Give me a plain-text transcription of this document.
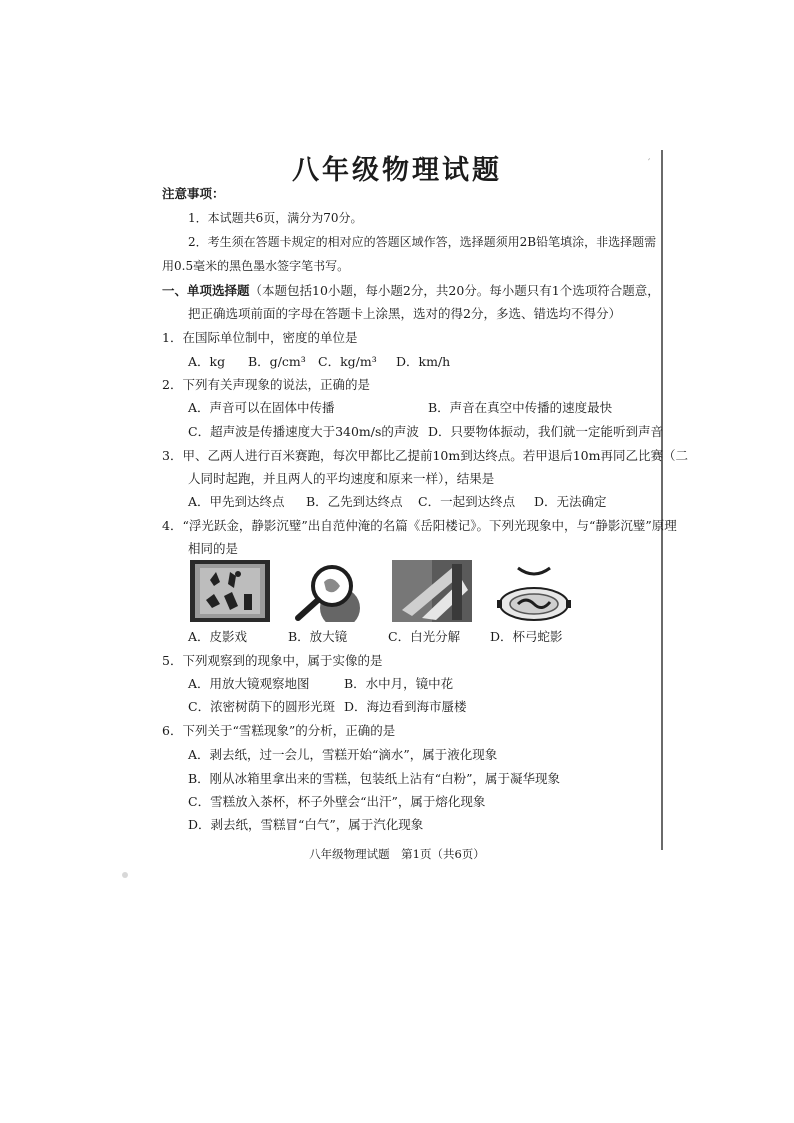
′
八年级物理试题
注意事项：
1．本试题共6页，满分为70分。
2．考生须在答题卡规定的相对应的答题区域作答，选择题须用2B铅笔填涂，非选择题需
用0.5毫米的黑色墨水签字笔书写。
一、单项选择题（本题包括10小题，每小题2分，共20分。每小题只有1个选项符合题意，
把正确选项前面的字母在答题卡上涂黑，选对的得2分，多选、错选均不得分）
1．在国际单位制中，密度的单位是
A．kg B．g/cm³ C．kg/m³ D．km/h
2．下列有关声现象的说法，正确的是
A．声音可以在固体中传播	B．声音在真空中传播的速度最快
C．超声波是传播速度大于340m/s的声波 D．只要物体振动，我们就一定能听到声音
3．甲、乙两人进行百米赛跑，每次甲都比乙提前10m到达终点。若甲退后10m再同乙比赛（二
人同时起跑，并且两人的平均速度和原来一样），结果是
A．甲先到达终点 B．乙先到达终点 C．一起到达终点 D．无法确定
4．“浮光跃金，静影沉璧”出自范仲淹的名篇《岳阳楼记》。下列光现象中，与“静影沉璧”原理
相同的是
A．皮影戏	B．放大镜	C．白光分解 D．杯弓蛇影
5．下列观察到的现象中，属于实像的是
A．用放大镜观察地图	B．水中月，镜中花
C．浓密树荫下的圆形光斑 D．海边看到海市蜃楼
6．下列关于“雪糕现象”的分析，正确的是
A．剥去纸，过一会儿，雪糕开始“滴水”，属于液化现象
B．刚从冰箱里拿出来的雪糕，包装纸上沾有“白粉”，属于凝华现象
C．雪糕放入茶杯，杯子外壁会“出汗”，属于熔化现象
D．剥去纸，雪糕冒“白气”，属于汽化现象
八年级物理试题　第1页（共6页）
